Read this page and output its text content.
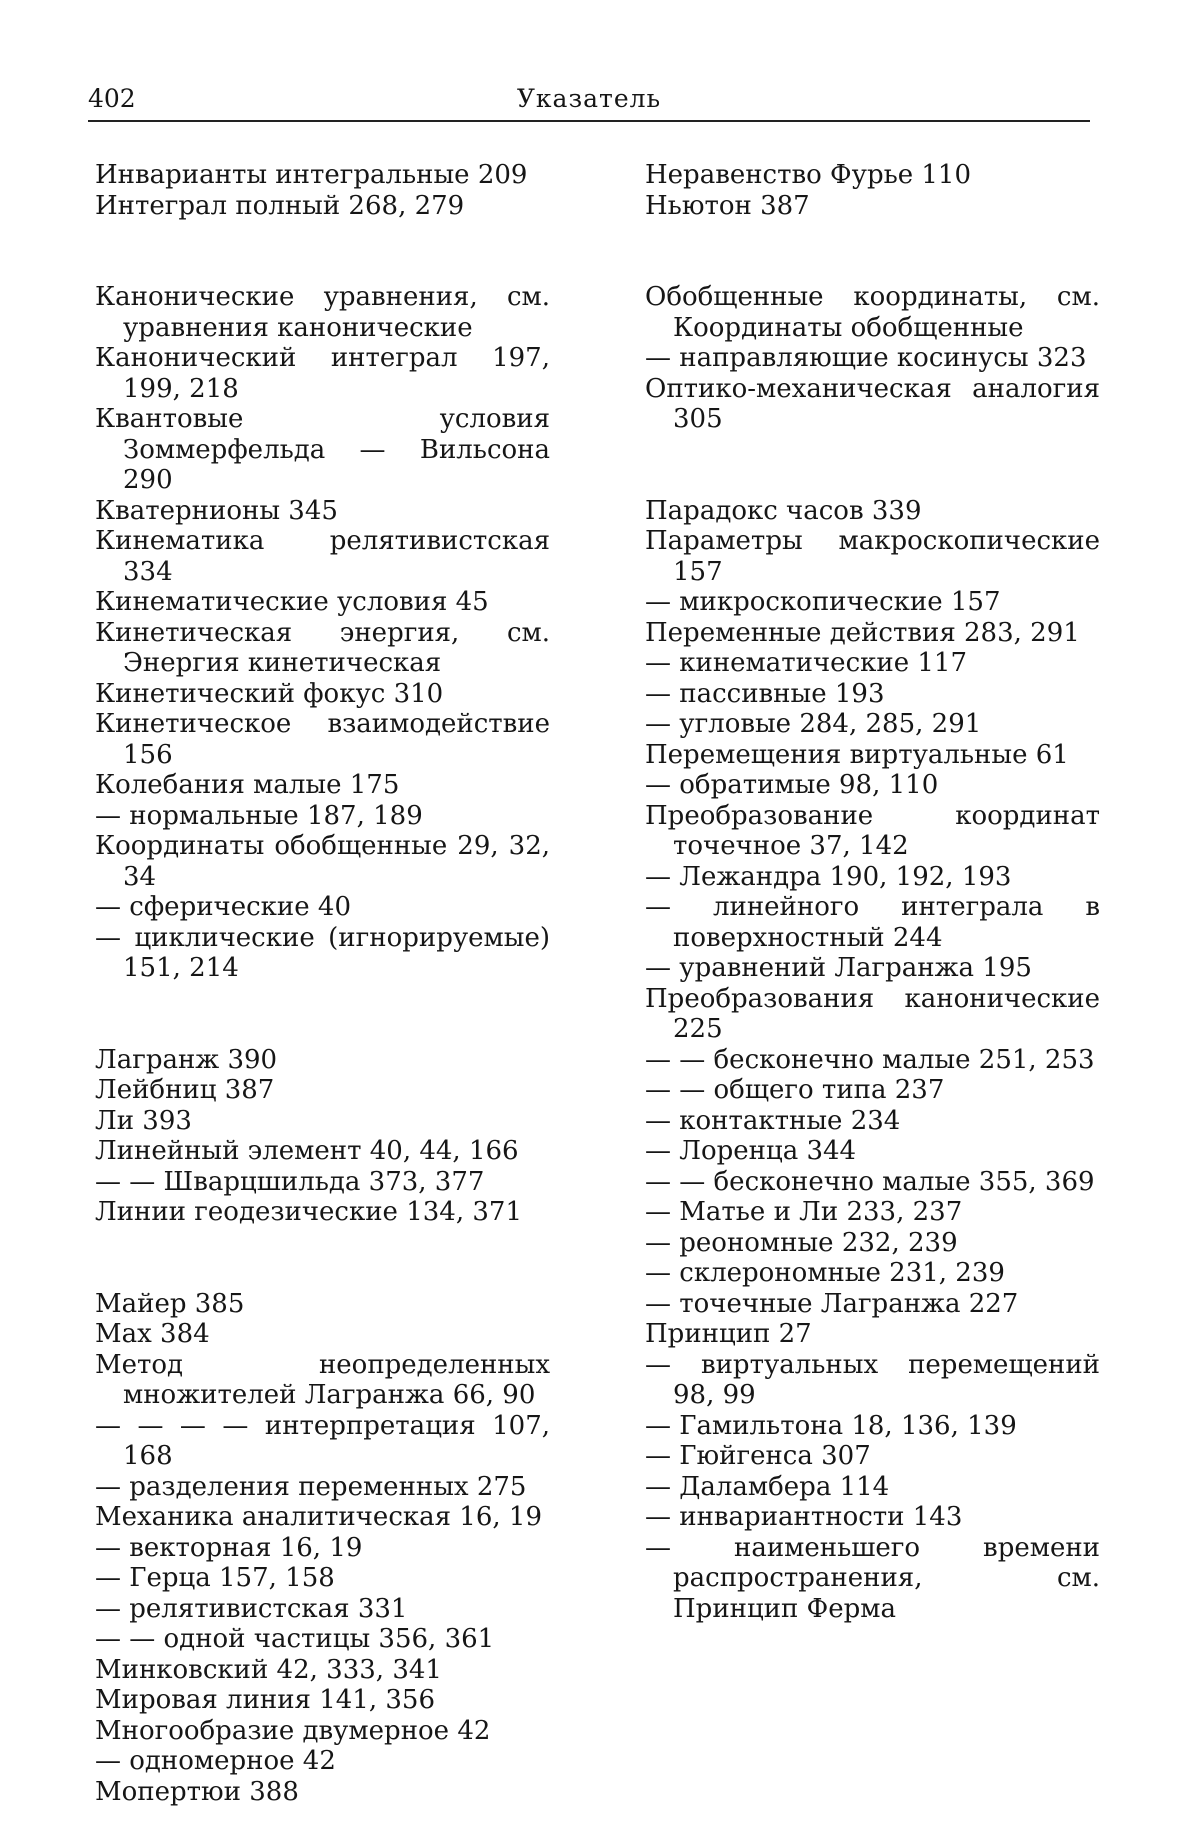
402	Указатель
Инварианты интегральные 209
Интеграл полный 268, 279
Канонические уравнения, см. уравнения канонические
Канонический интеграл 197, 199, 218
Квантовые условия Зоммерфельда — Вильсона 290
Кватернионы 345
Кинематика релятивистская 334
Кинематические условия 45
Кинетическая энергия, см. Энергия кинетическая
Кинетический фокус 310
Кинетическое взаимодействие 156
Колебания малые 175
— нормальные 187, 189
Координаты обобщенные 29, 32, 34
— сферические 40
— циклические (игнорируемые) 151, 214
Лагранж 390
Лейбниц 387
Ли 393
Линейный элемент 40, 44, 166
— — Шварцшильда 373, 377
Линии геодезические 134, 371
Майер 385
Мах 384
Метод неопределенных множителей Лагранжа 66, 90
— — — — интерпретация 107, 168
— разделения переменных 275
Механика аналитическая 16, 19
— векторная 16, 19
— Герца 157, 158
— релятивистская 331
— — одной частицы 356, 361
Минковский 42, 333, 341
Мировая линия 141, 356
Многообразие двумерное 42
— одномерное 42
Мопертюи 388
Неравенство Фурье 110
Ньютон 387
Обобщенные координаты, см. Координаты обобщенные
— направляющие косинусы 323
Оптико-механическая аналогия 305
Парадокс часов 339
Параметры макроскопические 157
— микроскопические 157
Переменные действия 283, 291
— кинематические 117
— пассивные 193
— угловые 284, 285, 291
Перемещения виртуальные 61
— обратимые 98, 110
Преобразование координат точечное 37, 142
— Лежандра 190, 192, 193
— линейного интеграла в поверхностный 244
— уравнений Лагранжа 195
Преобразования канонические 225
— — бесконечно малые 251, 253
— — общего типа 237
— контактные 234
— Лоренца 344
— — бесконечно малые 355, 369
— Матье и Ли 233, 237
— реономные 232, 239
— склерономные 231, 239
— точечные Лагранжа 227
Принцип 27
— виртуальных перемещений 98, 99
— Гамильтона 18, 136, 139
— Гюйгенса 307
— Даламбера 114
— инвариантности 143
— наименьшего времени распространения, см. Принцип Ферма
